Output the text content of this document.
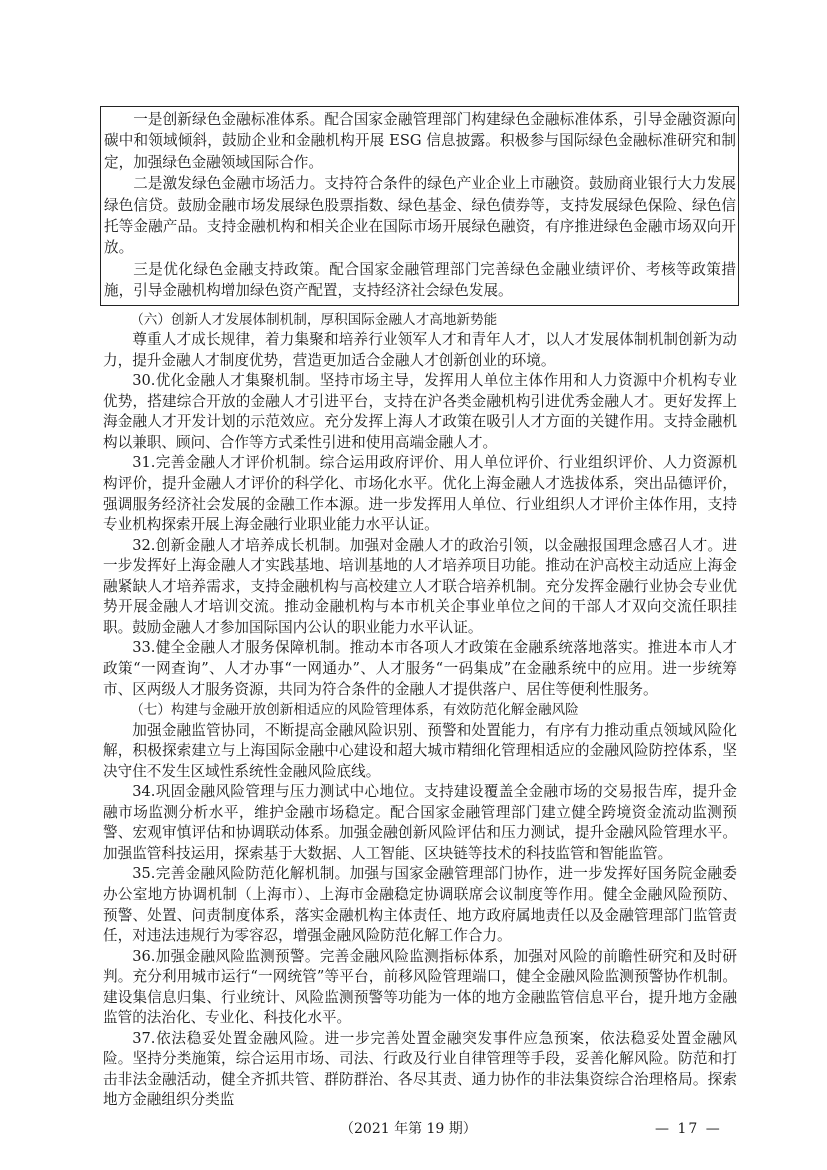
一是创新绿色金融标准体系。配合国家金融管理部门构建绿色金融标准体系，引导金融资源向碳中和领域倾斜，鼓励企业和金融机构开展 ESG 信息披露。积极参与国际绿色金融标准研究和制定，加强绿色金融领域国际合作。

二是激发绿色金融市场活力。支持符合条件的绿色产业企业上市融资。鼓励商业银行大力发展绿色信贷。鼓励金融市场发展绿色股票指数、绿色基金、绿色债券等，支持发展绿色保险、绿色信托等金融产品。支持金融机构和相关企业在国际市场开展绿色融资，有序推进绿色金融市场双向开放。

三是优化绿色金融支持政策。配合国家金融管理部门完善绿色金融业绩评价、考核等政策措施，引导金融机构增加绿色资产配置，支持经济社会绿色发展。

（六）创新人才发展体制机制，厚积国际金融人才高地新势能

尊重人才成长规律，着力集聚和培养行业领军人才和青年人才，以人才发展体制机制创新为动力，提升金融人才制度优势，营造更加适合金融人才创新创业的环境。

30.优化金融人才集聚机制。坚持市场主导，发挥用人单位主体作用和人力资源中介机构专业优势，搭建综合开放的金融人才引进平台，支持在沪各类金融机构引进优秀金融人才。更好发挥上海金融人才开发计划的示范效应。充分发挥上海人才政策在吸引人才方面的关键作用。支持金融机构以兼职、顾问、合作等方式柔性引进和使用高端金融人才。

31.完善金融人才评价机制。综合运用政府评价、用人单位评价、行业组织评价、人力资源机构评价，提升金融人才评价的科学化、市场化水平。优化上海金融人才选拔体系，突出品德评价，强调服务经济社会发展的金融工作本源。进一步发挥用人单位、行业组织人才评价主体作用，支持专业机构探索开展上海金融行业职业能力水平认证。

32.创新金融人才培养成长机制。加强对金融人才的政治引领，以金融报国理念感召人才。进一步发挥好上海金融人才实践基地、培训基地的人才培养项目功能。推动在沪高校主动适应上海金融紧缺人才培养需求，支持金融机构与高校建立人才联合培养机制。充分发挥金融行业协会专业优势开展金融人才培训交流。推动金融机构与本市机关企事业单位之间的干部人才双向交流任职挂职。鼓励金融人才参加国际国内公认的职业能力水平认证。

33.健全金融人才服务保障机制。推动本市各项人才政策在金融系统落地落实。推进本市人才政策“一网查询”、人才办事“一网通办”、人才服务“一码集成”在金融系统中的应用。进一步统筹市、区两级人才服务资源，共同为符合条件的金融人才提供落户、居住等便利性服务。

（七）构建与金融开放创新相适应的风险管理体系，有效防范化解金融风险

加强金融监管协同，不断提高金融风险识别、预警和处置能力，有序有力推动重点领域风险化解，积极探索建立与上海国际金融中心建设和超大城市精细化管理相适应的金融风险防控体系，坚决守住不发生区域性系统性金融风险底线。

34.巩固金融风险管理与压力测试中心地位。支持建设覆盖全金融市场的交易报告库，提升金融市场监测分析水平，维护金融市场稳定。配合国家金融管理部门建立健全跨境资金流动监测预警、宏观审慎评估和协调联动体系。加强金融创新风险评估和压力测试，提升金融风险管理水平。加强监管科技运用，探索基于大数据、人工智能、区块链等技术的科技监管和智能监管。

35.完善金融风险防范化解机制。加强与国家金融管理部门协作，进一步发挥好国务院金融委办公室地方协调机制（上海市）、上海市金融稳定协调联席会议制度等作用。健全金融风险预防、预警、处置、问责制度体系，落实金融机构主体责任、地方政府属地责任以及金融管理部门监管责任，对违法违规行为零容忍，增强金融风险防范化解工作合力。

36.加强金融风险监测预警。完善金融风险监测指标体系，加强对风险的前瞻性研究和及时研判。充分利用城市运行“一网统管”等平台，前移风险管理端口，健全金融风险监测预警协作机制。建设集信息归集、行业统计、风险监测预警等功能为一体的地方金融监管信息平台，提升地方金融监管的法治化、专业化、科技化水平。

37.依法稳妥处置金融风险。进一步完善处置金融突发事件应急预案，依法稳妥处置金融风险。坚持分类施策，综合运用市场、司法、行政及行业自律管理等手段，妥善化解风险。防范和打击非法金融活动，健全齐抓共管、群防群治、各尽其责、通力协作的非法集资综合治理格局。探索地方金融组织分类监

（2021 年第 19 期）	— 17 —
